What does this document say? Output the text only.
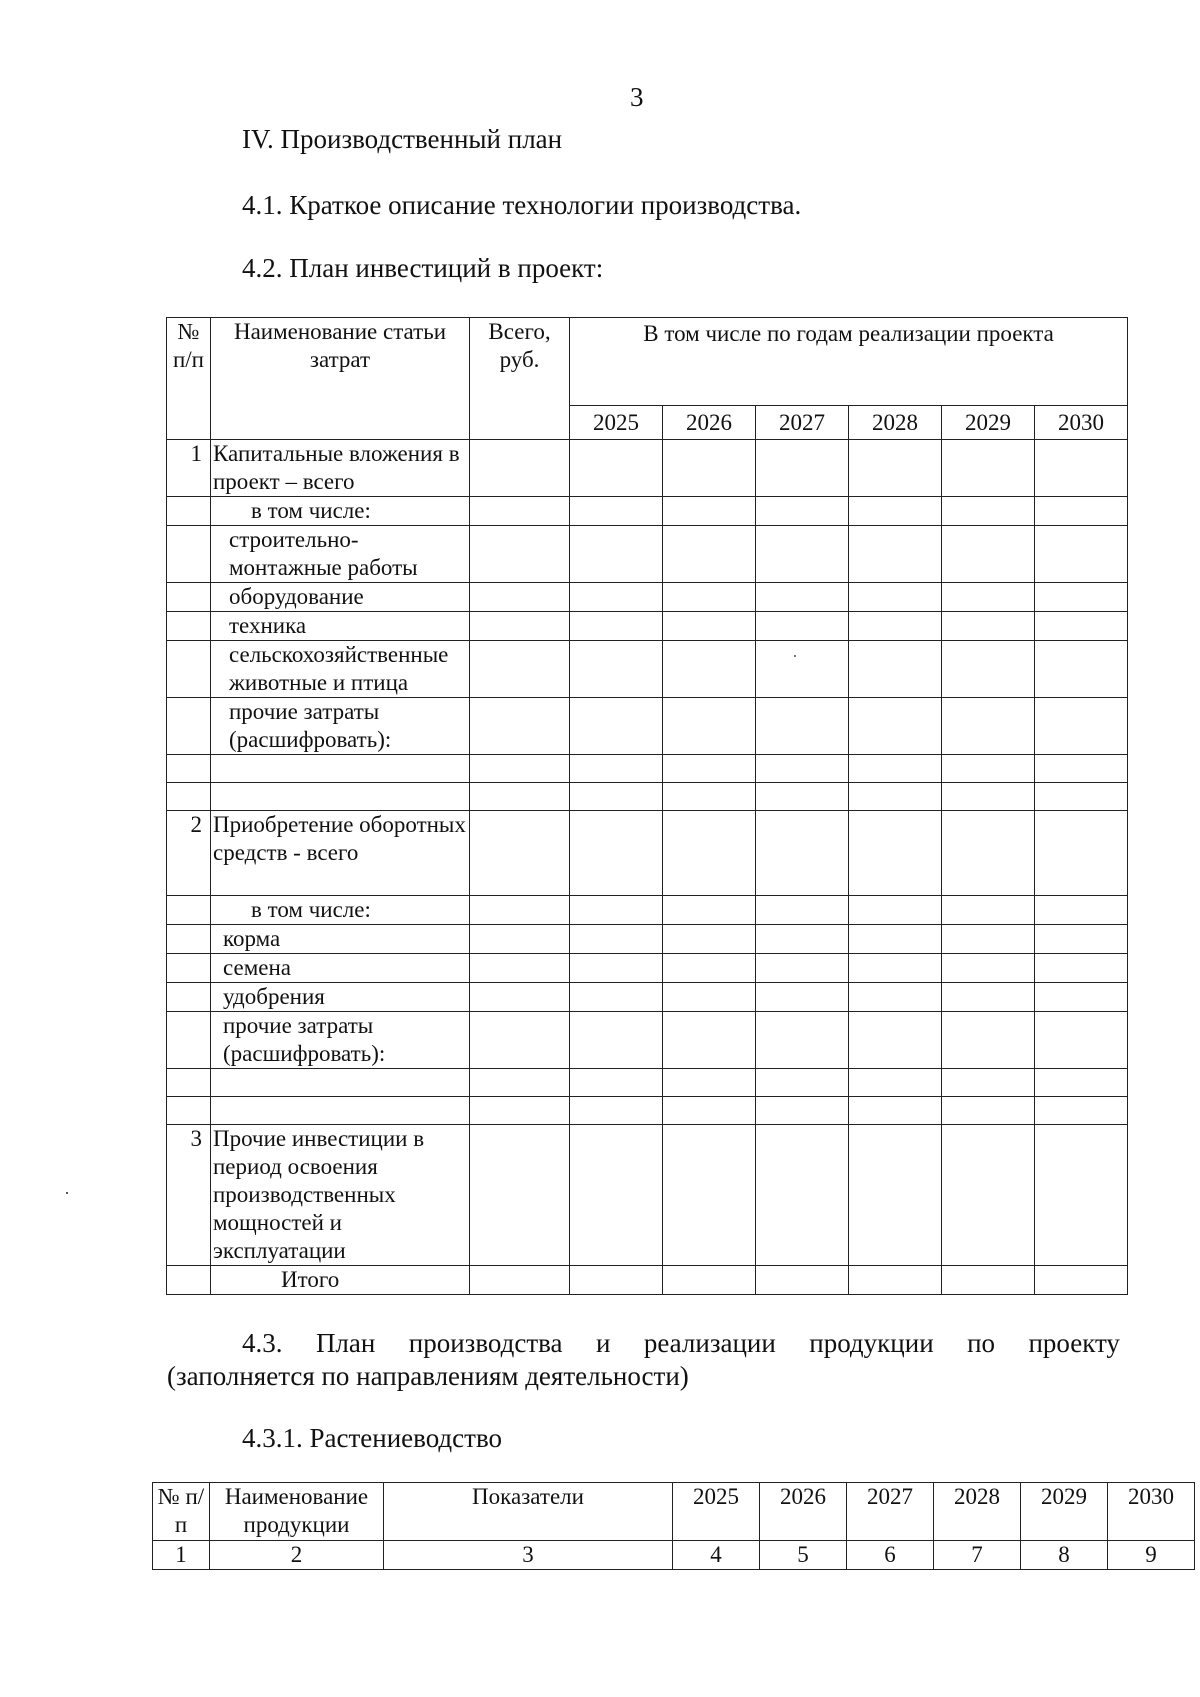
3
IV. Производственный план
4.1. Краткое описание технологии производства.
4.2. План инвестиций в проект:
№ п/п	Наименование статьи затрат	Всего, руб.	В том числе по годам реализации проекта					
			2025	2026	2027	2028	2029	2030
1	Капитальные вложения в проект – всего							
	в том числе:							
	строительно-монтажные работы							
	оборудование							
	техника							
	сельскохозяйственные животные и птица							
	прочие затраты (расшифровать):							

2	Приобретение оборотных средств - всего							
	в том числе:							
	корма							
	семена							
	удобрения							
	прочие затраты (расшифровать):							

3	Прочие инвестиции в период освоения производственных мощностей и эксплуатации							
	Итого							
4.3. План производства и реализации продукции по проекту
(заполняется по направлениям деятельности)
4.3.1. Растениеводство
№ п/п	Наименование продукции	Показатели	2025	2026	2027	2028	2029	2030
1	2	3	4	5	6	7	8	9
